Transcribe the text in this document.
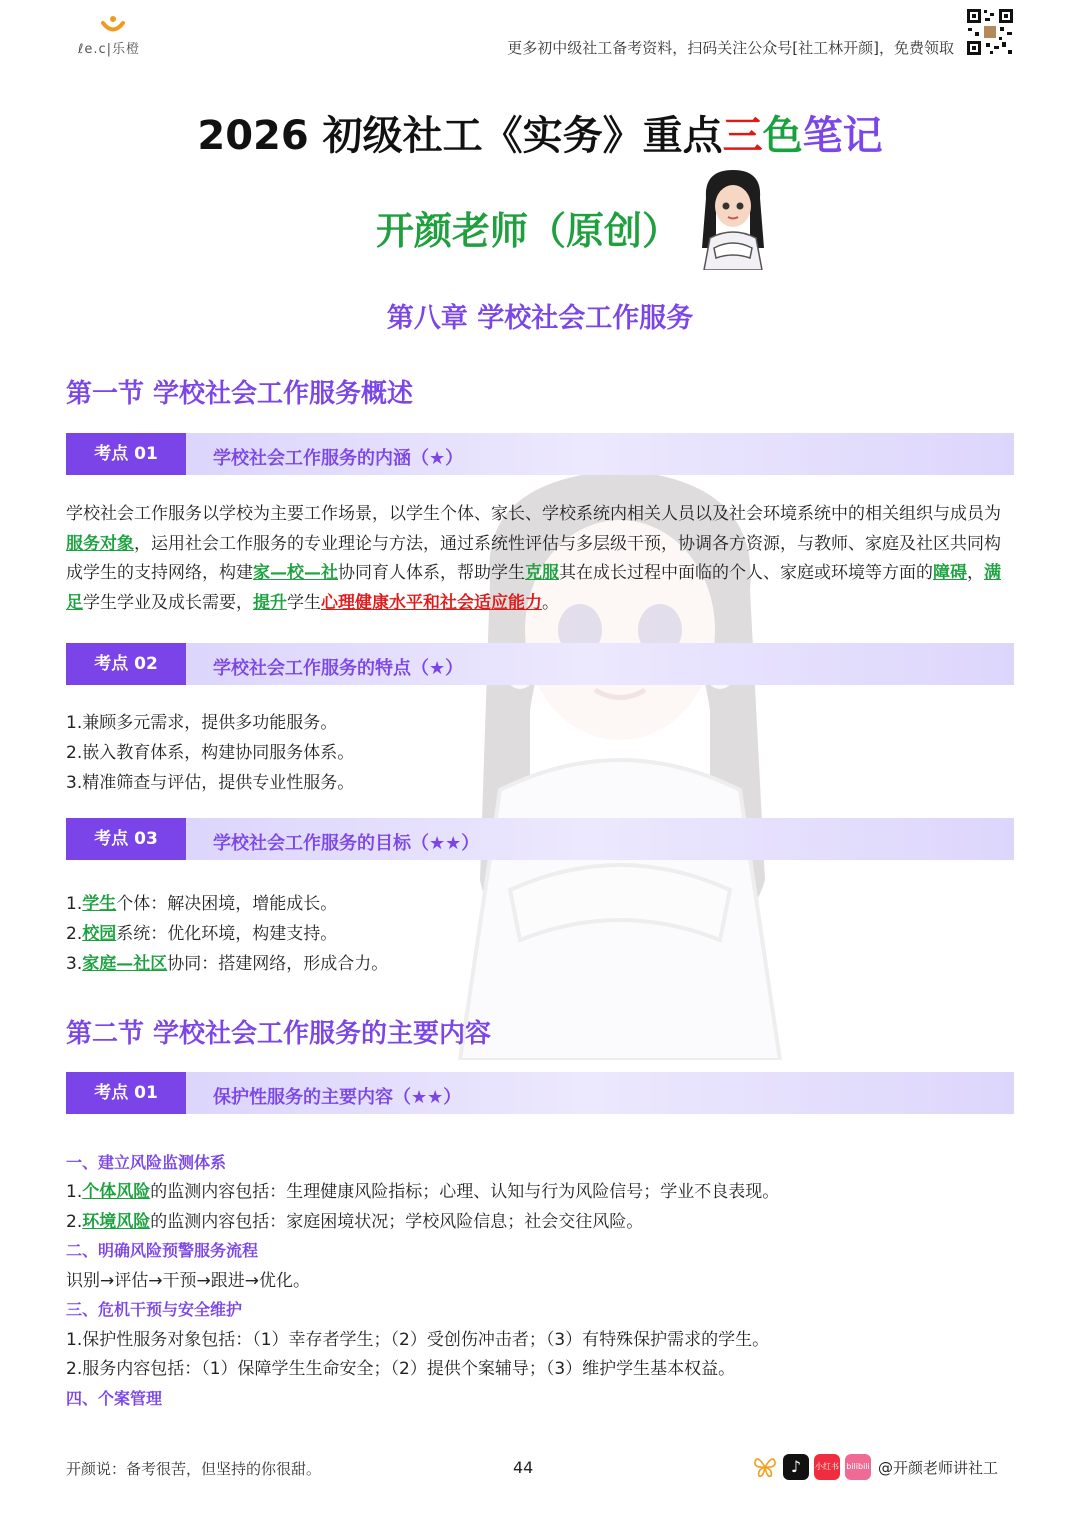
ℓe.c|乐橙	更多初中级社工备考资料，扫码关注公众号[社工林开颜]，免费领取
2026 初级社工《实务》重点三色笔记
开颜老师（原创）
第八章 学校社会工作服务
第一节 学校社会工作服务概述
考点 01	学校社会工作服务的内涵（★）
学校社会工作服务以学校为主要工作场景，以学生个体、家长、学校系统内相关人员以及社会环境系统中的相关组织与成员为服务对象，运用社会工作服务的专业理论与方法，通过系统性评估与多层级干预，协调各方资源，与教师、家庭及社区共同构成学生的支持网络，构建家—校—社协同育人体系，帮助学生克服其在成长过程中面临的个人、家庭或环境等方面的障碍，满足学生学业及成长需要，提升学生心理健康水平和社会适应能力。
考点 02	学校社会工作服务的特点（★）
1.兼顾多元需求，提供多功能服务。
2.嵌入教育体系，构建协同服务体系。
3.精准筛查与评估，提供专业性服务。
考点 03	学校社会工作服务的目标（★★）
1.学生个体：解决困境，增能成长。
2.校园系统：优化环境，构建支持。
3.家庭—社区协同：搭建网络，形成合力。
第二节 学校社会工作服务的主要内容
考点 01	保护性服务的主要内容（★★）
一、建立风险监测体系
1.个体风险的监测内容包括：生理健康风险指标；心理、认知与行为风险信号；学业不良表现。
2.环境风险的监测内容包括：家庭困境状况；学校风险信息；社会交往风险。
二、明确风险预警服务流程
识别→评估→干预→跟进→优化。
三、危机干预与安全维护
1.保护性服务对象包括：（1）幸存者学生；（2）受创伤冲击者；（3）有特殊保护需求的学生。
2.服务内容包括：（1）保障学生生命安全；（2）提供个案辅导；（3）维护学生基本权益。
四、个案管理
开颜说：备考很苦，但坚持的你很甜。	44	♪	小红书 bilibili @开颜老师讲社工
